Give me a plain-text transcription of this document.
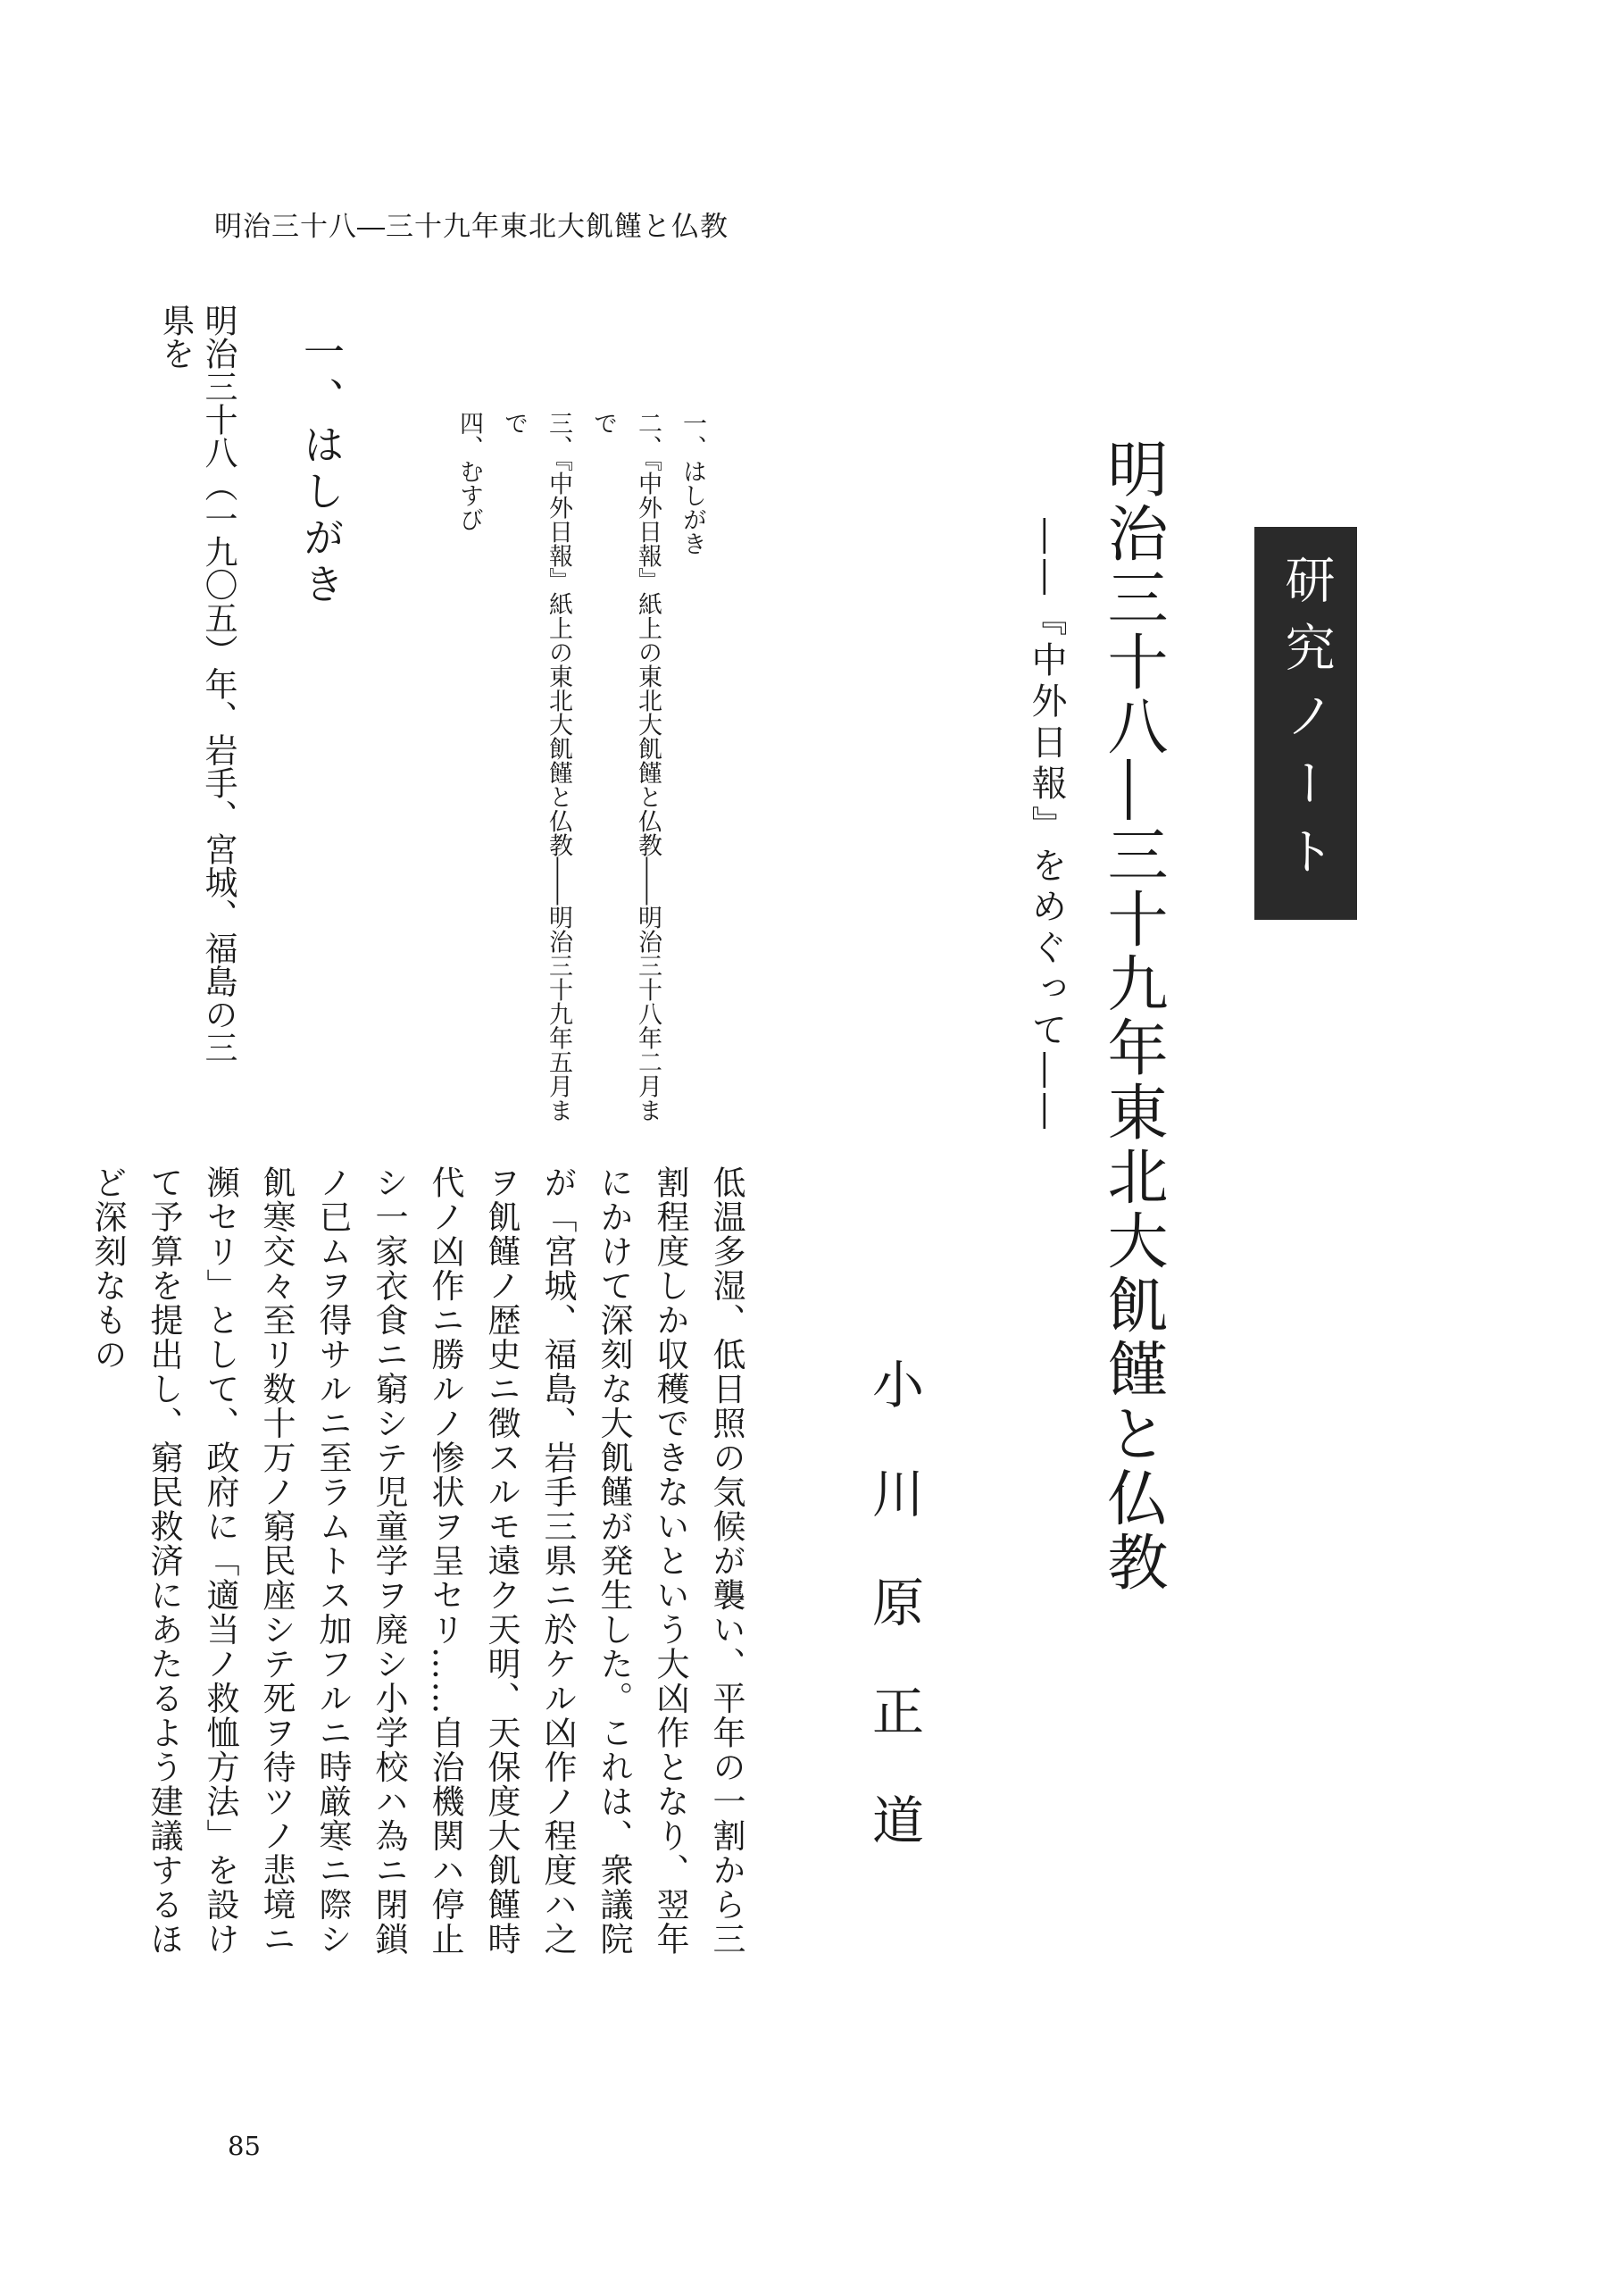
明治三十八―三十九年東北大飢饉と仏教
研究ノート
明治三十八―三十九年東北大飢饉と仏教
――『中外日報』をめぐって――
小川原正道
一、はしがき
二、『中外日報』紙上の東北大飢饉と仏教――明治三十八年二月まで
三、『中外日報』紙上の東北大飢饉と仏教――明治三十九年五月まで
四、むすび
一、はしがき
明治三十八（一九〇五）年、岩手、宮城、福島の三県を

低温多湿、低日照の気候が襲い、平年の一割から三割程度しか収穫できないという大凶作となり、翌年にかけて深刻な大飢饉が発生した。これは、衆議院が「宮城、福島、岩手三県ニ於ケル凶作ノ程度ハ之ヲ飢饉ノ歴史ニ徴スルモ遠ク天明、天保度大飢饉時代ノ凶作ニ勝ルノ惨状ヲ呈セリ……自治機関ハ停止シ一家衣食ニ窮シテ児童学ヲ廃シ小学校ハ為ニ閉鎖ノ已ムヲ得サルニ至ラムトス加フルニ時厳寒ニ際シ飢寒交々至リ数十万ノ窮民座シテ死ヲ待ツノ悲境ニ瀕セリ」として、政府に「適当ノ救恤方法」を設けて予算を提出し、窮民救済にあたるよう建議するほど深刻なもの

85
